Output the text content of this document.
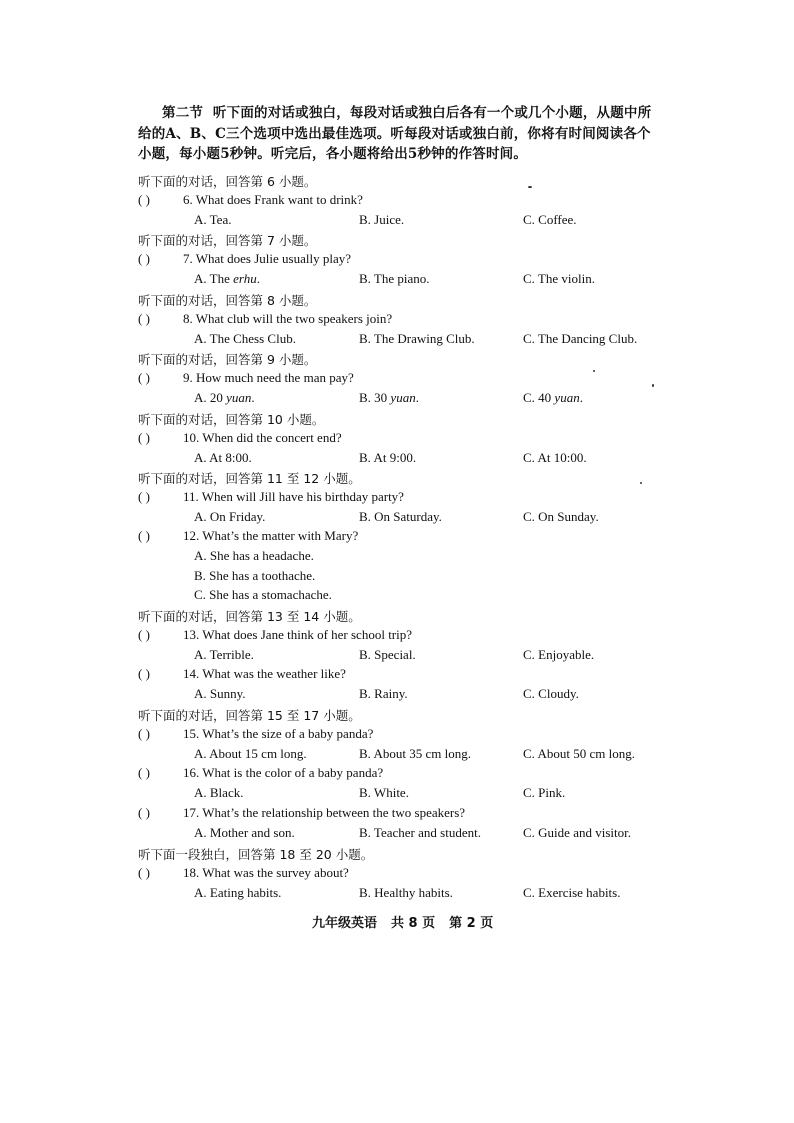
第二节 听下面的对话或独白，每段对话或独白后各有一个或几个小题，从题中所给的A、B、C三个选项中选出最佳选项。听每段对话或独白前，你将有时间阅读各个小题，每小题5秒钟。听完后，各小题将给出5秒钟的作答时间。
听下面的对话，回答第 6 小题。
( )	6. What does Frank want to drink?
A. Tea.	B. Juice.	C. Coffee.
听下面的对话，回答第 7 小题。
( )	7. What does Julie usually play?
A. The erhu.	B. The piano.	C. The violin.
听下面的对话，回答第 8 小题。
( )	8. What club will the two speakers join?
A. The Chess Club.	B. The Drawing Club.	C. The Dancing Club.
听下面的对话，回答第 9 小题。
( )	9. How much need the man pay?
A. 20 yuan.	B. 30 yuan.	C. 40 yuan.
听下面的对话，回答第 10 小题。
( )	10. When did the concert end?
A. At 8:00.	B. At 9:00.	C. At 10:00.
听下面的对话，回答第 11 至 12 小题。
( )	11. When will Jill have his birthday party?
A. On Friday.	B. On Saturday.	C. On Sunday.
( )	12. What’s the matter with Mary?
A. She has a headache.
B. She has a toothache.
C. She has a stomachache.
听下面的对话，回答第 13 至 14 小题。
( )	13. What does Jane think of her school trip?
A. Terrible.	B. Special.	C. Enjoyable.
( )	14. What was the weather like?
A. Sunny.	B. Rainy.	C. Cloudy.
听下面的对话，回答第 15 至 17 小题。
( )	15. What’s the size of a baby panda?
A. About 15 cm long.	B. About 35 cm long.	C. About 50 cm long.
( )	16. What is the color of a baby panda?
A. Black.	B. White.	C. Pink.
( )	17. What’s the relationship between the two speakers?
A. Mother and son.	B. Teacher and student.	C. Guide and visitor.
听下面一段独白，回答第 18 至 20 小题。
( )	18. What was the survey about?
A. Eating habits.	B. Healthy habits.	C. Exercise habits.
九年级英语 共 8 页 第 2 页
